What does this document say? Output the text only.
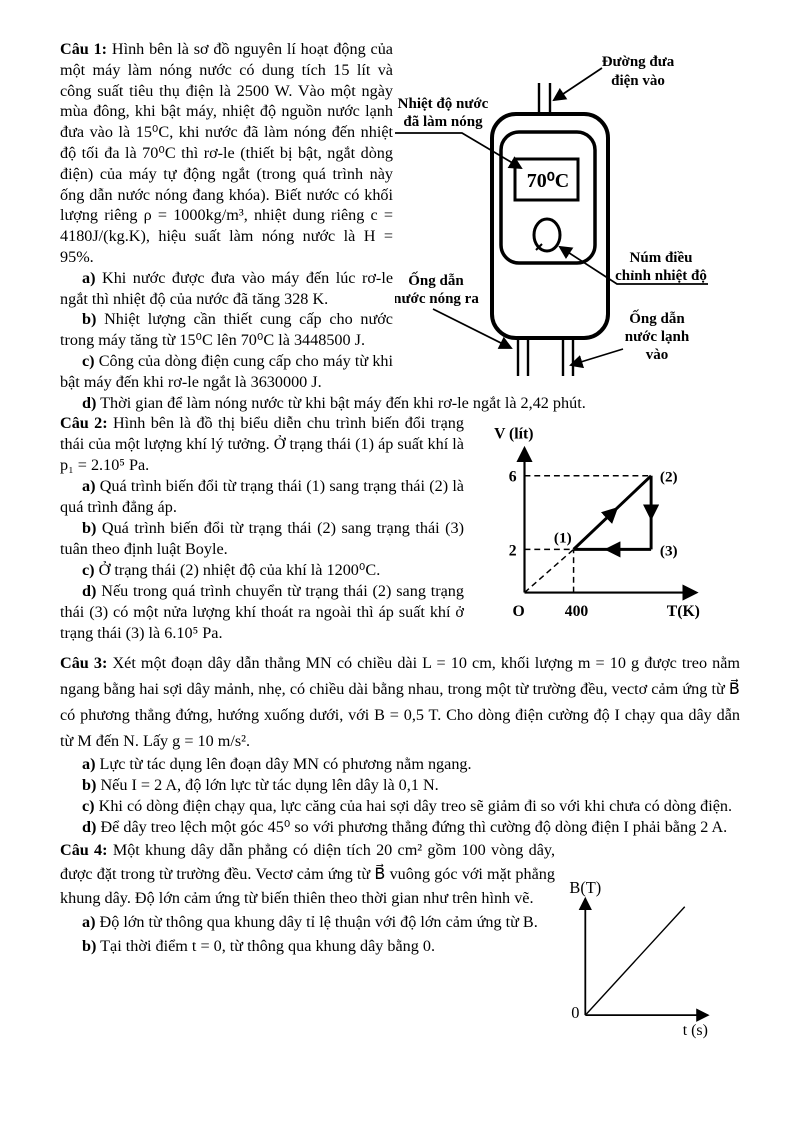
70⁰C
Đường đưa
điện vào
Nhiệt độ nước
đã làm nóng
Núm điều
chỉnh nhiệt độ
Ống dẫn
nước nóng ra
Ống dẫn
nước lạnh
vào

Câu 1: Hình bên là sơ đồ nguyên lí hoạt động của một máy làm nóng nước có dung tích 15 lít và công suất tiêu thụ điện là 2500 W. Vào một ngày mùa đông, khi bật máy, nhiệt độ nguồn nước lạnh đưa vào là 15⁰C, khi nước đã làm nóng đến nhiệt độ tối đa là 70⁰C thì rơ-le (thiết bị bật, ngắt dòng điện) của máy tự động ngắt (trong quá trình này ống dẫn nước nóng đang khóa). Biết nước có khối lượng riêng ρ = 1000kg/m³, nhiệt dung riêng c = 4180J/(kg.K), hiệu suất làm nóng nước là H = 95%.

a) Khi nước được đưa vào máy đến lúc rơ-le ngắt thì nhiệt độ của nước đã tăng 328 K.

b) Nhiệt lượng cần thiết cung cấp cho nước trong máy tăng từ 15⁰C lên 70⁰C là 3448500 J.

c) Công của dòng điện cung cấp cho máy từ khi bật máy đến khi rơ-le ngắt là 3630000 J.

d) Thời gian để làm nóng nước từ khi bật máy đến khi rơ-le ngắt là 2,42 phút.

V (lít)
T(K)
O
6
2
400
(1)
(2)
(3)

Câu 2: Hình bên là đồ thị biểu diễn chu trình biến đổi trạng thái của một lượng khí lý tưởng. Ở trạng thái (1) áp suất khí là p₁ = 2.10⁵ Pa.

a) Quá trình biến đổi từ trạng thái (1) sang trạng thái (2) là quá trình đẳng áp.

b) Quá trình biến đổi từ trạng thái (2) sang trạng thái (3) tuân theo định luật Boyle.

c) Ở trạng thái (2) nhiệt độ của khí là 1200⁰C.

d) Nếu trong quá trình chuyển từ trạng thái (2) sang trạng thái (3) có một nửa lượng khí thoát ra ngoài thì áp suất khí ở trạng thái (3) là 6.10⁵ Pa.

Câu 3: Xét một đoạn dây dẫn thẳng MN có chiều dài L = 10 cm, khối lượng m = 10 g được treo nằm ngang bằng hai sợi dây mảnh, nhẹ, có chiều dài bằng nhau, trong một từ trường đều, vectơ cảm ứng từ B⃗ có phương thẳng đứng, hướng xuống dưới, với B = 0,5 T. Cho dòng điện cường độ I chạy qua dây dẫn từ M đến N. Lấy g = 10 m/s².

a) Lực từ tác dụng lên đoạn dây MN có phương nằm ngang.

b) Nếu I = 2 A, độ lớn lực từ tác dụng lên dây là 0,1 N.

c) Khi có dòng điện chạy qua, lực căng của hai sợi dây treo sẽ giảm đi so với khi chưa có dòng điện.

d) Để dây treo lệch một góc 45⁰ so với phương thẳng đứng thì cường độ dòng điện I phải bằng 2 A.

B(T)
0
t (s)

Câu 4: Một khung dây dẫn phẳng có diện tích 20 cm² gồm 100 vòng dây, được đặt trong từ trường đều. Vectơ cảm ứng từ B⃗ vuông góc với mặt phẳng khung dây. Độ lớn cảm ứng từ biến thiên theo thời gian như trên hình vẽ.

a) Độ lớn từ thông qua khung dây tỉ lệ thuận với độ lớn cảm ứng từ B.

b) Tại thời điểm t = 0, từ thông qua khung dây bằng 0.
